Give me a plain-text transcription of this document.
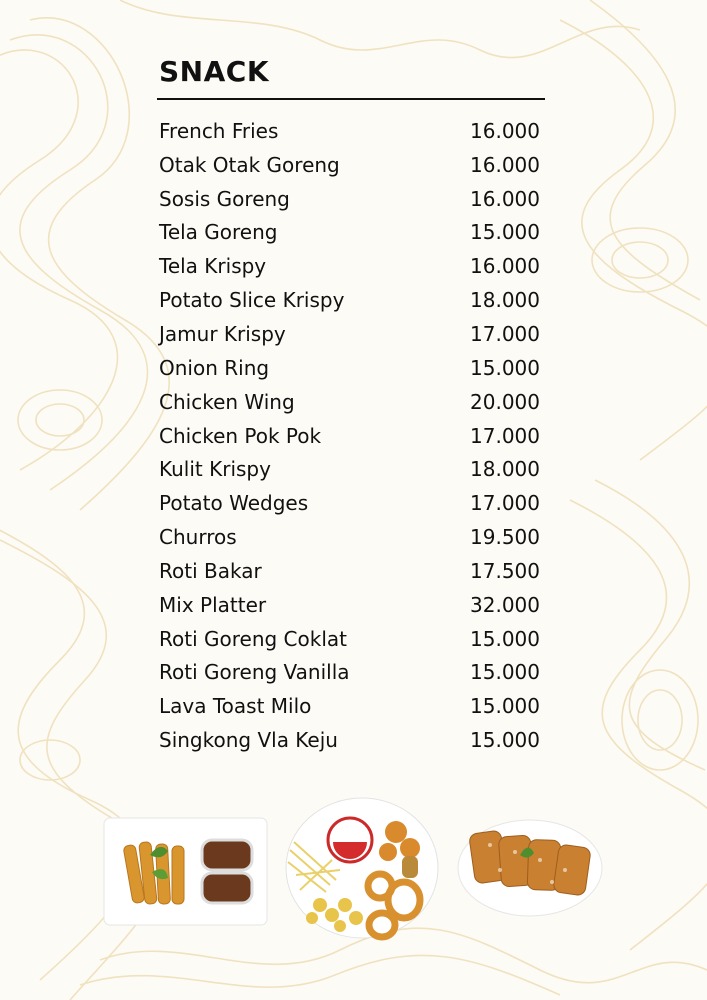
SNACK
French Fries	16.000
Otak Otak Goreng	16.000
Sosis Goreng	16.000
Tela Goreng	15.000
Tela Krispy	16.000
Potato Slice Krispy	18.000
Jamur Krispy	17.000
Onion Ring	15.000
Chicken Wing	20.000
Chicken Pok Pok	17.000
Kulit Krispy	18.000
Potato Wedges	17.000
Churros	19.500
Roti Bakar	17.500
Mix Platter	32.000
Roti Goreng Coklat	15.000
Roti Goreng Vanilla	15.000
Lava Toast Milo	15.000
Singkong Vla Keju	15.000
